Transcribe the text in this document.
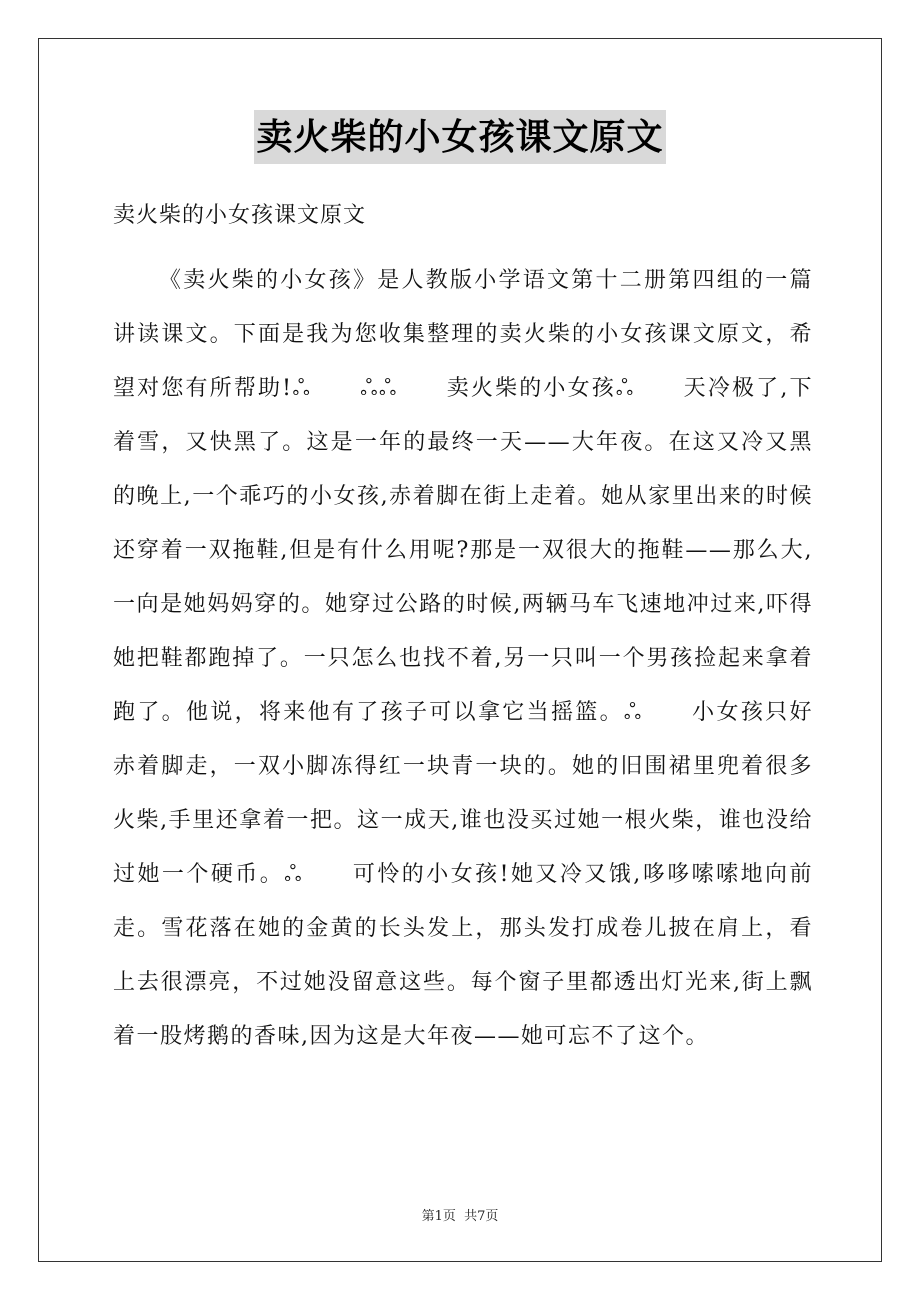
卖火柴的小女孩课文原文
卖火柴的小女孩课文原文

《卖火柴的小女孩》是人教版小学语文第十二册第四组的一篇讲读课文。下面是我为您收集整理的卖火柴的小女孩课文原文，希望对您有所帮助!ஃ　　ஃஃ　　卖火柴的小女孩ஃ　　天冷极了,下着雪，又快黑了。这是一年的最终一天——大年夜。在这又冷又黑的晚上,一个乖巧的小女孩,赤着脚在街上走着。她从家里出来的时候还穿着一双拖鞋,但是有什么用呢?那是一双很大的拖鞋——那么大,一向是她妈妈穿的。她穿过公路的时候,两辆马车飞速地冲过来,吓得她把鞋都跑掉了。一只怎么也找不着,另一只叫一个男孩捡起来拿着跑了。他说，将来他有了孩子可以拿它当摇篮。ஃ　　小女孩只好赤着脚走，一双小脚冻得红一块青一块的。她的旧围裙里兜着很多火柴,手里还拿着一把。这一成天,谁也没买过她一根火柴，谁也没给过她一个硬币。ஃ　　可怜的小女孩!她又冷又饿,哆哆嗦嗦地向前走。雪花落在她的金黄的长头发上，那头发打成卷儿披在肩上，看上去很漂亮，不过她没留意这些。每个窗子里都透出灯光来,街上飘着一股烤鹅的香味,因为这是大年夜——她可忘不了这个。

第1页 共7页
